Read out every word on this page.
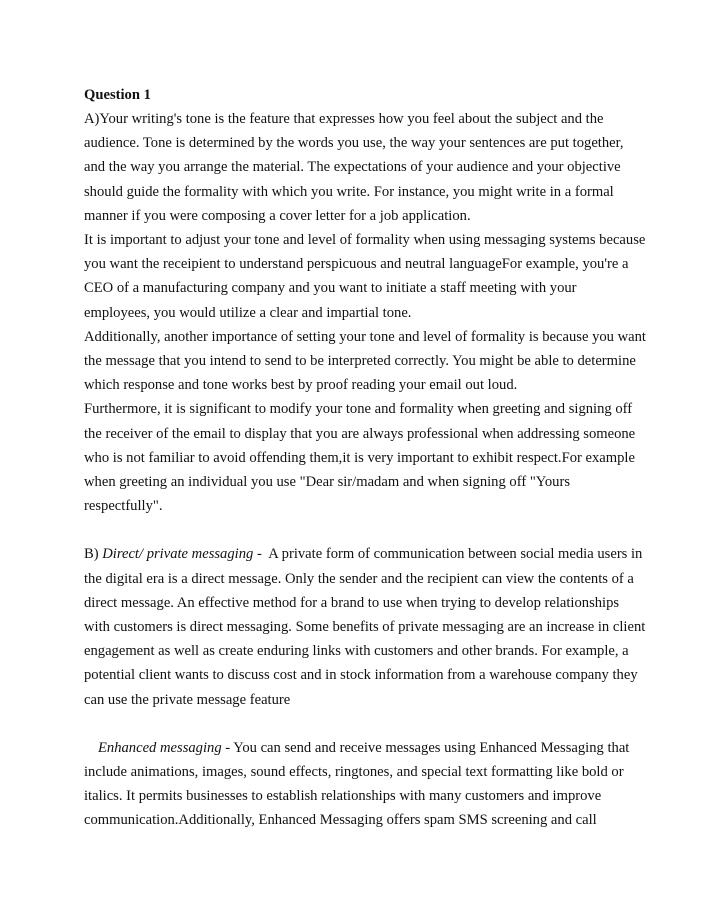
Question 1

A)Your writing's tone is the feature that expresses how you feel about the subject and the audience. Tone is determined by the words you use, the way your sentences are put together, and the way you arrange the material. The expectations of your audience and your objective should guide the formality with which you write. For instance, you might write in a formal manner if you were composing a cover letter for a job application.

It is important to adjust your tone and level of formality when using messaging systems because you want the receipient to understand perspicuous and neutral languageFor example, you're a CEO of a manufacturing company and you want to initiate a staff meeting with your employees, you would utilize a clear and impartial tone.

Additionally, another importance of setting your tone and level of formality is because you want the message that you intend to send to be interpreted correctly. You might be able to determine which response and tone works best by proof reading your email out loud.

Furthermore, it is significant to modify your tone and formality when greeting and signing off the receiver of the email to display that you are always professional when addressing someone who is not familiar to avoid offending them,it is very important to exhibit respect.For example when greeting an individual you use "Dear sir/madam and when signing off "Yours respectfully".

B) Direct/ private messaging -  A private form of communication between social media users in the digital era is a direct message. Only the sender and the recipient can view the contents of a direct message. An effective method for a brand to use when trying to develop relationships with customers is direct messaging. Some benefits of private messaging are an increase in client engagement as well as create enduring links with customers and other brands. For example, a potential client wants to discuss cost and in stock information from a warehouse company they can use the private message feature

Enhanced messaging - You can send and receive messages using Enhanced Messaging that include animations, images, sound effects, ringtones, and special text formatting like bold or italics. It permits businesses to establish relationships with many customers and improve communication.Additionally, Enhanced Messaging offers spam SMS screening and call
